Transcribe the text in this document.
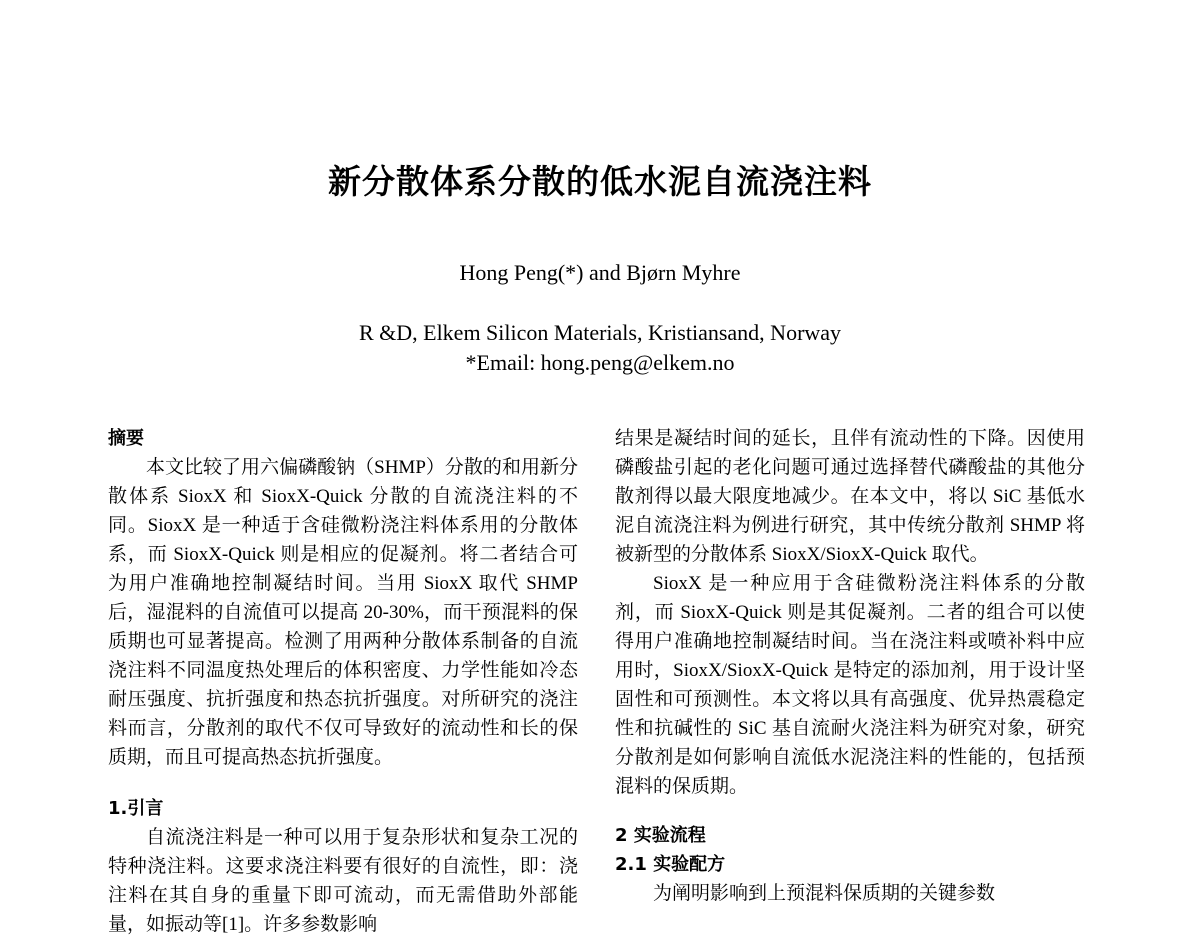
新分散体系分散的低水泥自流浇注料
Hong Peng(*) and Bjørn Myhre
R &D, Elkem Silicon Materials, Kristiansand, Norway
*Email: hong.peng@elkem.no

摘要

本文比较了用六偏磷酸钠（SHMP）分散的和用新分散体系 SioxX 和 SioxX-Quick 分散的自流浇注料的不同。SioxX 是一种适于含硅微粉浇注料体系用的分散体系，而 SioxX-Quick 则是相应的促凝剂。将二者结合可为用户准确地控制凝结时间。当用 SioxX 取代 SHMP 后，湿混料的自流值可以提高 20-30%，而干预混料的保质期也可显著提高。检测了用两种分散体系制备的自流浇注料不同温度热处理后的体积密度、力学性能如冷态耐压强度、抗折强度和热态抗折强度。对所研究的浇注料而言，分散剂的取代不仅可导致好的流动性和长的保质期，而且可提高热态抗折强度。

1.引言

自流浇注料是一种可以用于复杂形状和复杂工况的特种浇注料。这要求浇注料要有很好的自流性，即：浇注料在其自身的重量下即可流动，而无需借助外部能量，如振动等[1]。许多参数影响

结果是凝结时间的延长，且伴有流动性的下降。因使用磷酸盐引起的老化问题可通过选择替代磷酸盐的其他分散剂得以最大限度地减少。在本文中，将以 SiC 基低水泥自流浇注料为例进行研究，其中传统分散剂 SHMP 将被新型的分散体系 SioxX/SioxX-Quick 取代。

SioxX 是一种应用于含硅微粉浇注料体系的分散剂，而 SioxX-Quick 则是其促凝剂。二者的组合可以使得用户准确地控制凝结时间。当在浇注料或喷补料中应用时，SioxX/SioxX-Quick 是特定的添加剂，用于设计坚固性和可预测性。本文将以具有高强度、优异热震稳定性和抗碱性的 SiC 基自流耐火浇注料为研究对象，研究分散剂是如何影响自流低水泥浇注料的性能的，包括预混料的保质期。

2 实验流程

2.1 实验配方

为阐明影响到上预混料保质期的关键参数
